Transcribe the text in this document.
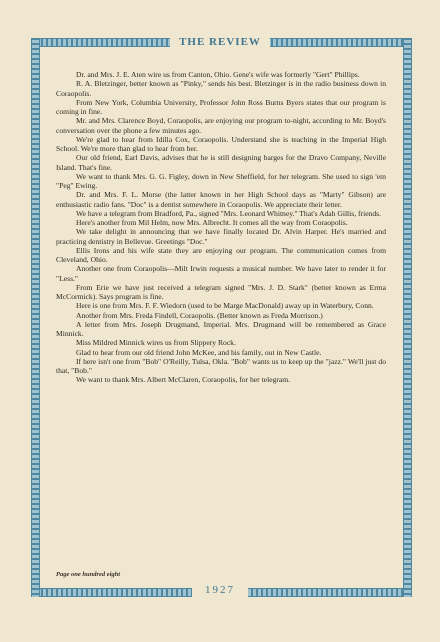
THE REVIEW

Dr. and Mrs. J. E. Aten wire us from Canton, Ohio. Gene's wife was formerly "Gert" Phillips.

R. A. Bletzinger, better known as "Pinky," sends his best. Bletzinger is in the radio business down in Coraopolis.

From New York, Columbia University, Professor John Ross Burns Byers states that our program is coming in fine.

Mr. and Mrs. Clarence Boyd, Coraopolis, are enjoying our program to-night, according to Mr. Boyd's conversation over the phone a few minutes ago.

We're glad to hear from Idilla Cox, Coraopolis. Understand she is teaching in the Imperial High School. We're more than glad to hear from her.

Our old friend, Earl Davis, advises that he is still designing barges for the Dravo Company, Neville Island. That's fine.

We want to thank Mrs. G. G. Figley, down in New Sheffield, for her telegram. She used to sign 'em "Peg" Ewing.

Dr. and Mrs. F. L. Morse (the latter known in her High School days as "Marty" Gibson) are enthusiastic radio fans. "Doc" is a dentist somewhere in Coraopolis. We appreciate their letter.

We have a telegram from Bradford, Pa., signed "Mrs. Leonard Whitney." That's Adah Gillis, friends.

Here's another from Mil Helm, now Mrs. Albrecht. It comes all the way from Coraopolis.

We take delight in announcing that we have finally located Dr. Alvin Harper. He's married and practicing dentistry in Bellevue. Greetings "Doc."

Ellis Irons and his wife state they are enjoying our program. The communication comes from Cleveland, Ohio.

Another one from Coraopolis—Milt Irwin requests a musical number. We have later to render it for "Less."

From Erie we have just received a telegram signed "Mrs. J. D. Stark" (better known as Erma McCormick). Says program is fine.

Here is one from Mrs. F. F. Wiedorn (used to be Marge MacDonald) away up in Waterbury, Conn.

Another from Mrs. Freda Findell, Coraopolis. (Better known as Freda Morrison.)

A letter from Mrs. Joseph Drugmand, Imperial. Mrs. Drugmand will be remembered as Grace Minnick.

Miss Mildred Minnick wires us from Slippery Rock.

Glad to hear from our old friend John McKee, and his family, out in New Castle.

If here isn't one from "Bob" O'Reilly, Tulsa, Okla. "Bob" wants us to keep up the "jazz." We'll just do that, "Bob."

We want to thank Mrs. Albert McClaren, Coraopolis, for her telegram.

Page one hundred eight
1927
